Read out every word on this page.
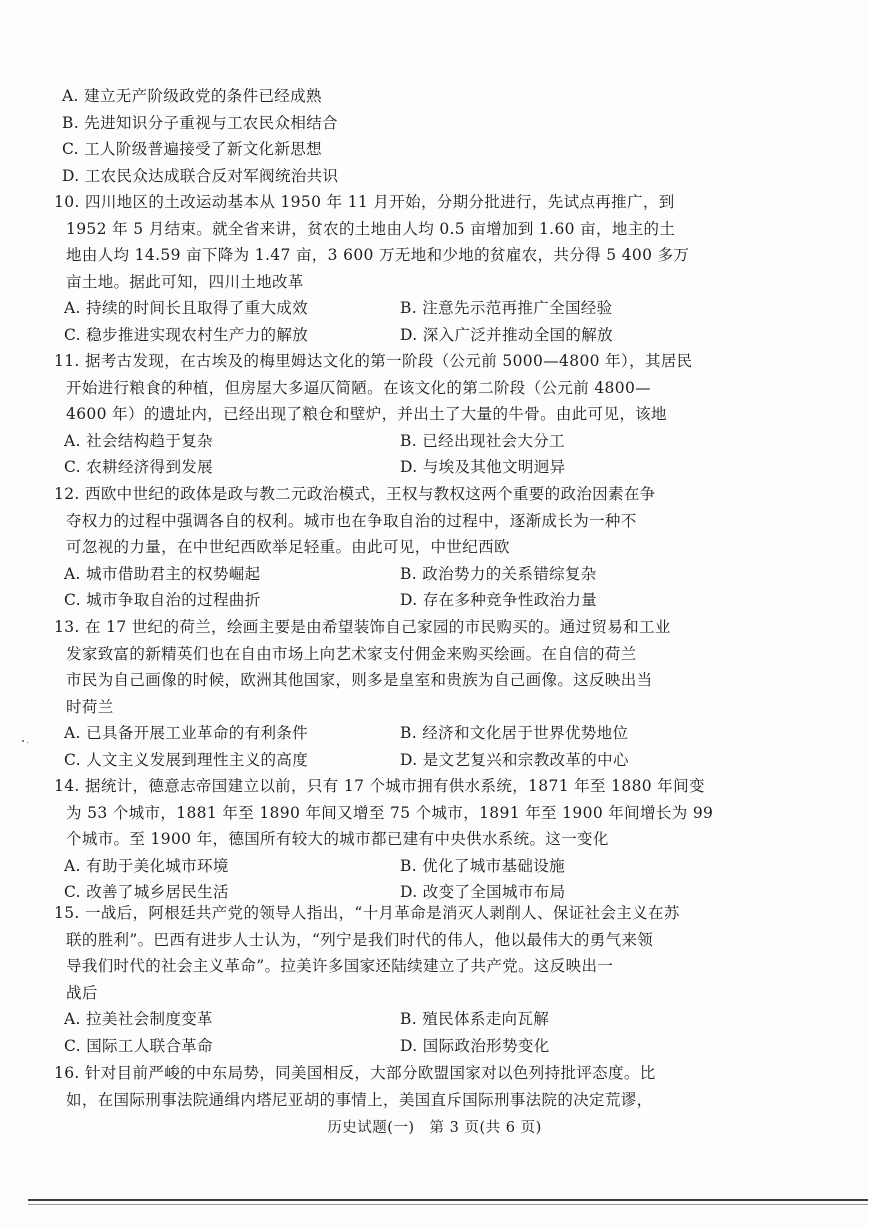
A. 建立无产阶级政党的条件已经成熟
B. 先进知识分子重视与工农民众相结合
C. 工人阶级普遍接受了新文化新思想
D. 工农民众达成联合反对军阀统治共识
10. 四川地区的土改运动基本从 1950 年 11 月开始，分期分批进行，先试点再推广，到
1952 年 5 月结束。就全省来讲，贫农的土地由人均 0.5 亩增加到 1.60 亩，地主的土
地由人均 14.59 亩下降为 1.47 亩，3 600 万无地和少地的贫雇农，共分得 5 400 多万
亩土地。据此可知，四川土地改革
A. 持续的时间长且取得了重大成效	B. 注意先示范再推广全国经验
C. 稳步推进实现农村生产力的解放	D. 深入广泛并推动全国的解放
11. 据考古发现，在古埃及的梅里姆达文化的第一阶段（公元前 5000—4800 年），其居民
开始进行粮食的种植，但房屋大多逼仄简陋。在该文化的第二阶段（公元前 4800—
4600 年）的遗址内，已经出现了粮仓和壁炉，并出土了大量的牛骨。由此可见，该地
A. 社会结构趋于复杂	B. 已经出现社会大分工
C. 农耕经济得到发展	D. 与埃及其他文明迥异
12. 西欧中世纪的政体是政与教二元政治模式，王权与教权这两个重要的政治因素在争
夺权力的过程中强调各自的权利。城市也在争取自治的过程中，逐渐成长为一种不
可忽视的力量，在中世纪西欧举足轻重。由此可见，中世纪西欧
A. 城市借助君主的权势崛起	B. 政治势力的关系错综复杂
C. 城市争取自治的过程曲折	D. 存在多种竞争性政治力量
13. 在 17 世纪的荷兰，绘画主要是由希望装饰自己家园的市民购买的。通过贸易和工业
发家致富的新精英们也在自由市场上向艺术家支付佣金来购买绘画。在自信的荷兰
市民为自己画像的时候，欧洲其他国家，则多是皇室和贵族为自己画像。这反映出当
时荷兰
A. 已具备开展工业革命的有利条件	B. 经济和文化居于世界优势地位
C. 人文主义发展到理性主义的高度	D. 是文艺复兴和宗教改革的中心
14. 据统计，德意志帝国建立以前，只有 17 个城市拥有供水系统，1871 年至 1880 年间变
为 53 个城市，1881 年至 1890 年间又增至 75 个城市，1891 年至 1900 年间增长为 99
个城市。至 1900 年，德国所有较大的城市都已建有中央供水系统。这一变化
A. 有助于美化城市环境	B. 优化了城市基础设施
C. 改善了城乡居民生活	D. 改变了全国城市布局
15. 一战后，阿根廷共产党的领导人指出，“十月革命是消灭人剥削人、保证社会主义在苏
联的胜利”。巴西有进步人士认为，“列宁是我们时代的伟人，他以最伟大的勇气来领
导我们时代的社会主义革命”。拉美许多国家还陆续建立了共产党。这反映出一
战后
A. 拉美社会制度变革	B. 殖民体系走向瓦解
C. 国际工人联合革命	D. 国际政治形势变化
16. 针对目前严峻的中东局势，同美国相反，大部分欧盟国家对以色列持批评态度。比
如，在国际刑事法院通缉内塔尼亚胡的事情上，美国直斥国际刑事法院的决定荒谬，
历史试题(一)　第 3 页(共 6 页)
